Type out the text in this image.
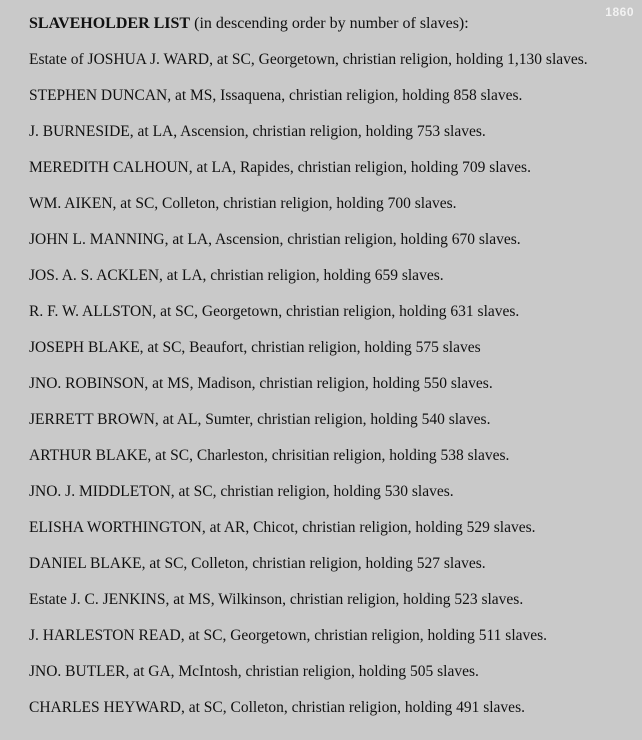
1860
SLAVEHOLDER LIST (in descending order by number of slaves):
Estate of JOSHUA J. WARD, at SC, Georgetown, christian religion, holding 1,130 slaves.
STEPHEN DUNCAN, at MS, Issaquena, christian religion, holding 858 slaves.
J. BURNESIDE, at LA, Ascension, christian religion, holding 753 slaves.
MEREDITH CALHOUN, at LA, Rapides, christian religion, holding 709 slaves.
WM. AIKEN, at SC, Colleton, christian religion, holding 700 slaves.
JOHN L. MANNING, at LA, Ascension, christian religion, holding 670 slaves.
JOS. A. S. ACKLEN, at LA, christian religion, holding 659 slaves.
R. F. W. ALLSTON, at SC, Georgetown, christian religion, holding 631 slaves.
JOSEPH BLAKE, at SC, Beaufort, christian religion, holding 575 slaves
JNO. ROBINSON, at MS, Madison, christian religion, holding 550 slaves.
JERRETT BROWN, at AL, Sumter, christian religion, holding 540 slaves.
ARTHUR BLAKE, at SC, Charleston, chrisitian religion, holding 538 slaves.
JNO. J. MIDDLETON, at SC, christian religion, holding 530 slaves.
ELISHA WORTHINGTON, at AR, Chicot, christian religion, holding 529 slaves.
DANIEL BLAKE, at SC, Colleton, christian religion, holding 527 slaves.
Estate J. C. JENKINS, at MS, Wilkinson, christian religion, holding 523 slaves.
J. HARLESTON READ, at SC, Georgetown, christian religion, holding 511 slaves.
JNO. BUTLER, at GA, McIntosh, christian religion, holding 505 slaves.
CHARLES HEYWARD, at SC, Colleton, christian religion, holding 491 slaves.
